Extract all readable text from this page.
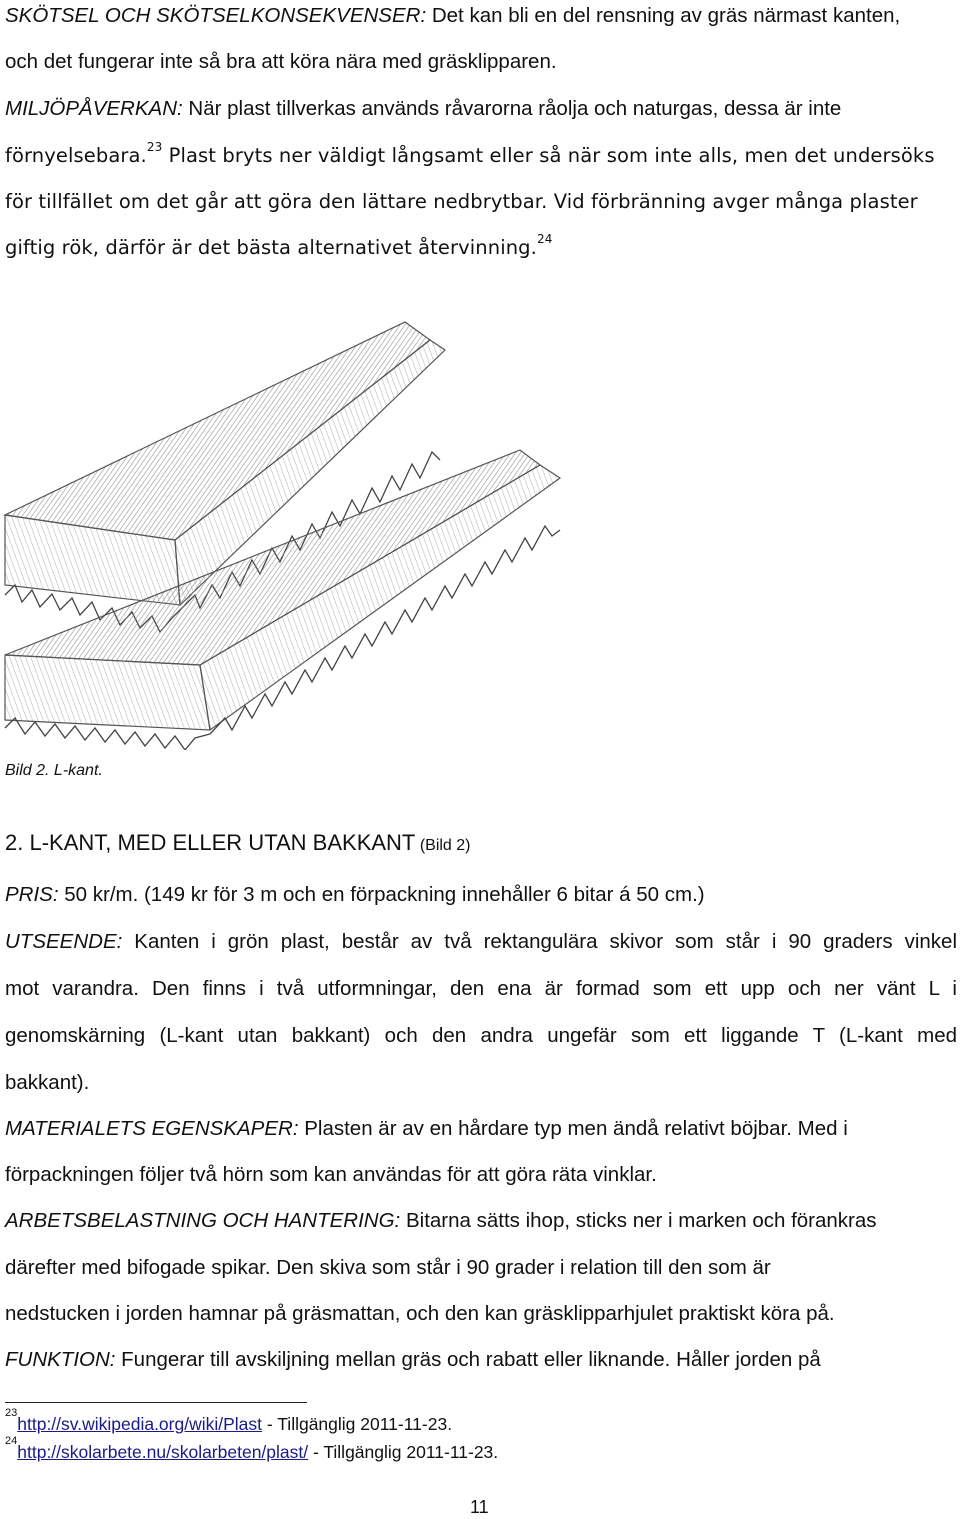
SKÖTSEL OCH SKÖTSELKONSEKVENSER: Det kan bli en del rensning av gräs närmast kanten,
och det fungerar inte så bra att köra nära med gräsklipparen.
MILJÖPÅVERKAN: När plast tillverkas används råvarorna råolja och naturgas, dessa är inte
förnyelsebara.$^{23}$ Plast bryts ner väldigt långsamt eller så när som inte alls, men det undersöks
för tillfället om det går att göra den lättare nedbrytbar. Vid förbränning avger många plaster
giftig rök, därför är det bästa alternativet återvinning.$^{24}$
Bild 2. L-kant.
2. L-KANT, MED ELLER UTAN BAKKANT (Bild 2)
PRIS: 50 kr/m. (149 kr för 3 m och en förpackning innehåller 6 bitar á 50 cm.)
UTSEENDE: Kanten i grön plast, består av två rektangulära skivor som står i 90 graders vinkel
mot varandra. Den finns i två utformningar, den ena är formad som ett upp och ner vänt L i
genomskärning (L-kant utan bakkant) och den andra ungefär som ett liggande T (L-kant med
bakkant).
MATERIALETS EGENSKAPER: Plasten är av en hårdare typ men ändå relativt böjbar. Med i
förpackningen följer två hörn som kan användas för att göra räta vinklar.
ARBETSBELASTNING OCH HANTERING: Bitarna sätts ihop, sticks ner i marken och förankras
därefter med bifogade spikar. Den skiva som står i 90 grader i relation till den som är
nedstucken i jorden hamnar på gräsmattan, och den kan gräsklipparhjulet praktiskt köra på.
FUNKTION: Fungerar till avskiljning mellan gräs och rabatt eller liknande. Håller jorden på
$^{23}$http://sv.wikipedia.org/wiki/Plast - Tillgänglig 2011-11-23.
$^{24}$http://skolarbete.nu/skolarbeten/plast/ - Tillgänglig 2011-11-23.
11
